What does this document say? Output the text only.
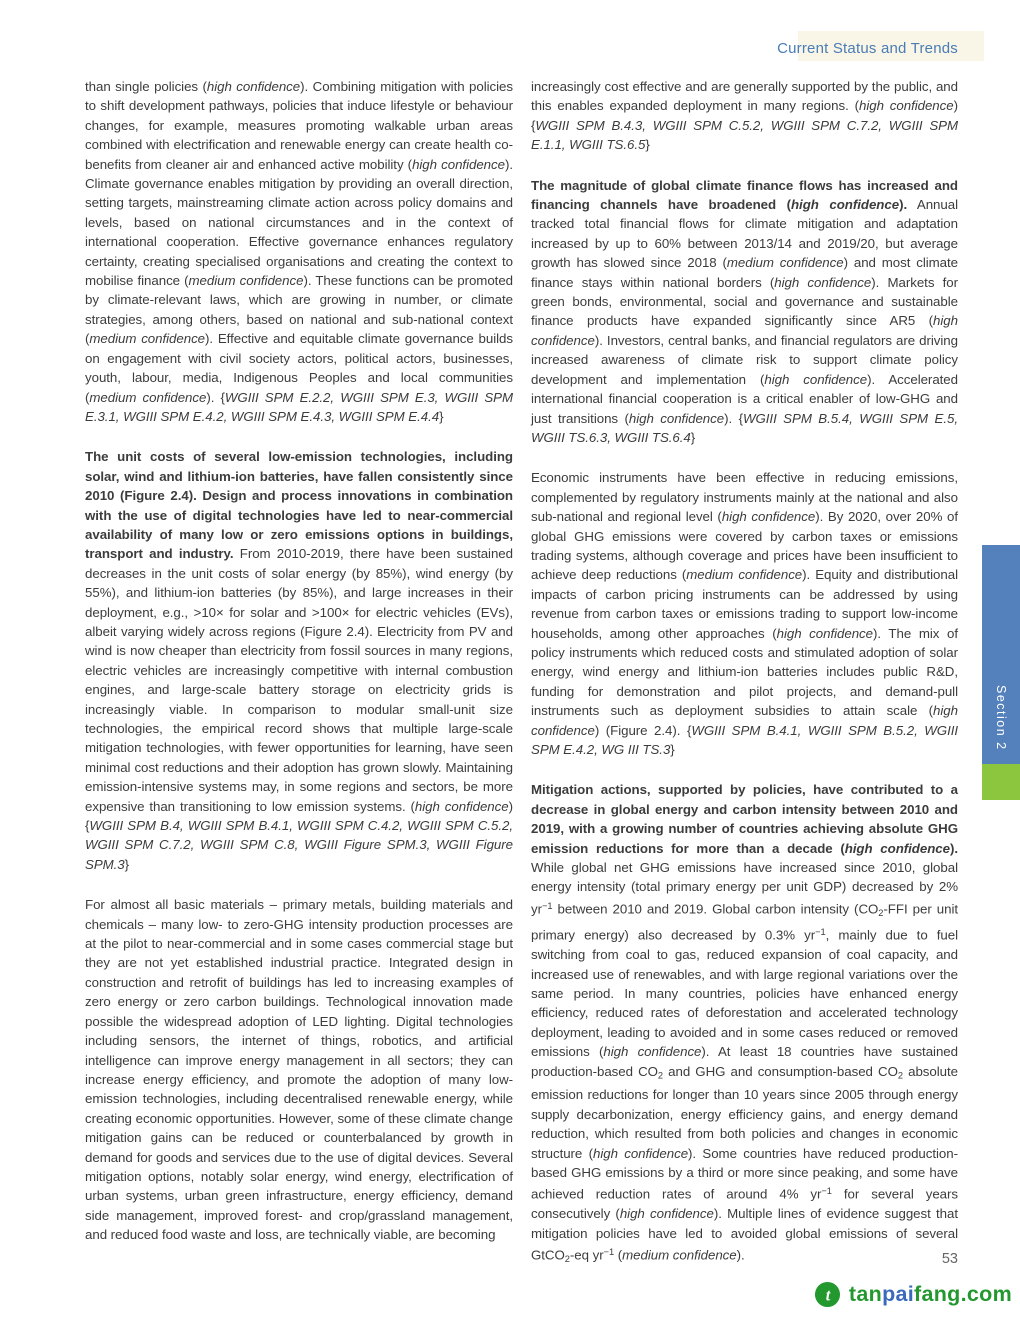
Current Status and Trends

than single policies (high confidence). Combining mitigation with policies to shift development pathways, policies that induce lifestyle or behaviour changes, for example, measures promoting walkable urban areas combined with electrification and renewable energy can create health co-benefits from cleaner air and enhanced active mobility (high confidence). Climate governance enables mitigation by providing an overall direction, setting targets, mainstreaming climate action across policy domains and levels, based on national circumstances and in the context of international cooperation. Effective governance enhances regulatory certainty, creating specialised organisations and creating the context to mobilise finance (medium confidence). These functions can be promoted by climate-relevant laws, which are growing in number, or climate strategies, among others, based on national and sub-national context (medium confidence). Effective and equitable climate governance builds on engagement with civil society actors, political actors, businesses, youth, labour, media, Indigenous Peoples and local communities (medium confidence). {WGIII SPM E.2.2, WGIII SPM E.3, WGIII SPM E.3.1, WGIII SPM E.4.2, WGIII SPM E.4.3, WGIII SPM E.4.4}

The unit costs of several low-emission technologies, including solar, wind and lithium-ion batteries, have fallen consistently since 2010 (Figure 2.4). Design and process innovations in combination with the use of digital technologies have led to near-commercial availability of many low or zero emissions options in buildings, transport and industry. From 2010-2019, there have been sustained decreases in the unit costs of solar energy (by 85%), wind energy (by 55%), and lithium-ion batteries (by 85%), and large increases in their deployment, e.g., >10× for solar and >100× for electric vehicles (EVs), albeit varying widely across regions (Figure 2.4). Electricity from PV and wind is now cheaper than electricity from fossil sources in many regions, electric vehicles are increasingly competitive with internal combustion engines, and large-scale battery storage on electricity grids is increasingly viable. In comparison to modular small-unit size technologies, the empirical record shows that multiple large-scale mitigation technologies, with fewer opportunities for learning, have seen minimal cost reductions and their adoption has grown slowly. Maintaining emission-intensive systems may, in some regions and sectors, be more expensive than transitioning to low emission systems. (high confidence) {WGIII SPM B.4, WGIII SPM B.4.1, WGIII SPM C.4.2, WGIII SPM C.5.2, WGIII SPM C.7.2, WGIII SPM C.8, WGIII Figure SPM.3, WGIII Figure SPM.3}

For almost all basic materials – primary metals, building materials and chemicals – many low- to zero-GHG intensity production processes are at the pilot to near-commercial and in some cases commercial stage but they are not yet established industrial practice. Integrated design in construction and retrofit of buildings has led to increasing examples of zero energy or zero carbon buildings. Technological innovation made possible the widespread adoption of LED lighting. Digital technologies including sensors, the internet of things, robotics, and artificial intelligence can improve energy management in all sectors; they can increase energy efficiency, and promote the adoption of many low-emission technologies, including decentralised renewable energy, while creating economic opportunities. However, some of these climate change mitigation gains can be reduced or counterbalanced by growth in demand for goods and services due to the use of digital devices. Several mitigation options, notably solar energy, wind energy, electrification of urban systems, urban green infrastructure, energy efficiency, demand side management, improved forest- and crop/grassland management, and reduced food waste and loss, are technically viable, are becoming

increasingly cost effective and are generally supported by the public, and this enables expanded deployment in many regions. (high confidence) {WGIII SPM B.4.3, WGIII SPM C.5.2, WGIII SPM C.7.2, WGIII SPM E.1.1, WGIII TS.6.5}

The magnitude of global climate finance flows has increased and financing channels have broadened (high confidence). Annual tracked total financial flows for climate mitigation and adaptation increased by up to 60% between 2013/14 and 2019/20, but average growth has slowed since 2018 (medium confidence) and most climate finance stays within national borders (high confidence). Markets for green bonds, environmental, social and governance and sustainable finance products have expanded significantly since AR5 (high confidence). Investors, central banks, and financial regulators are driving increased awareness of climate risk to support climate policy development and implementation (high confidence). Accelerated international financial cooperation is a critical enabler of low-GHG and just transitions (high confidence). {WGIII SPM B.5.4, WGIII SPM E.5, WGIII TS.6.3, WGIII TS.6.4}

Economic instruments have been effective in reducing emissions, complemented by regulatory instruments mainly at the national and also sub-national and regional level (high confidence). By 2020, over 20% of global GHG emissions were covered by carbon taxes or emissions trading systems, although coverage and prices have been insufficient to achieve deep reductions (medium confidence). Equity and distributional impacts of carbon pricing instruments can be addressed by using revenue from carbon taxes or emissions trading to support low-income households, among other approaches (high confidence). The mix of policy instruments which reduced costs and stimulated adoption of solar energy, wind energy and lithium-ion batteries includes public R&D, funding for demonstration and pilot projects, and demand-pull instruments such as deployment subsidies to attain scale (high confidence) (Figure 2.4). {WGIII SPM B.4.1, WGIII SPM B.5.2, WGIII SPM E.4.2, WG III TS.3}

Mitigation actions, supported by policies, have contributed to a decrease in global energy and carbon intensity between 2010 and 2019, with a growing number of countries achieving absolute GHG emission reductions for more than a decade (high confidence). While global net GHG emissions have increased since 2010, global energy intensity (total primary energy per unit GDP) decreased by 2% $yr^{-1}$ between 2010 and 2019. Global carbon intensity (CO2-FFI per unit primary energy) also decreased by 0.3% $yr^{-1}$, mainly due to fuel switching from coal to gas, reduced expansion of coal capacity, and increased use of renewables, and with large regional variations over the same period. In many countries, policies have enhanced energy efficiency, reduced rates of deforestation and accelerated technology deployment, leading to avoided and in some cases reduced or removed emissions (high confidence). At least 18 countries have sustained production-based CO2 and GHG and consumption-based CO2 absolute emission reductions for longer than 10 years since 2005 through energy supply decarbonization, energy efficiency gains, and energy demand reduction, which resulted from both policies and changes in economic structure (high confidence). Some countries have reduced production-based GHG emissions by a third or more since peaking, and some have achieved reduction rates of around 4% $yr^{-1}$ for several years consecutively (high confidence). Multiple lines of evidence suggest that mitigation policies have led to avoided global emissions of several GtCO2-eq $yr^{-1}$ (medium confidence).

Section 2
53
t tanpaifang.com
